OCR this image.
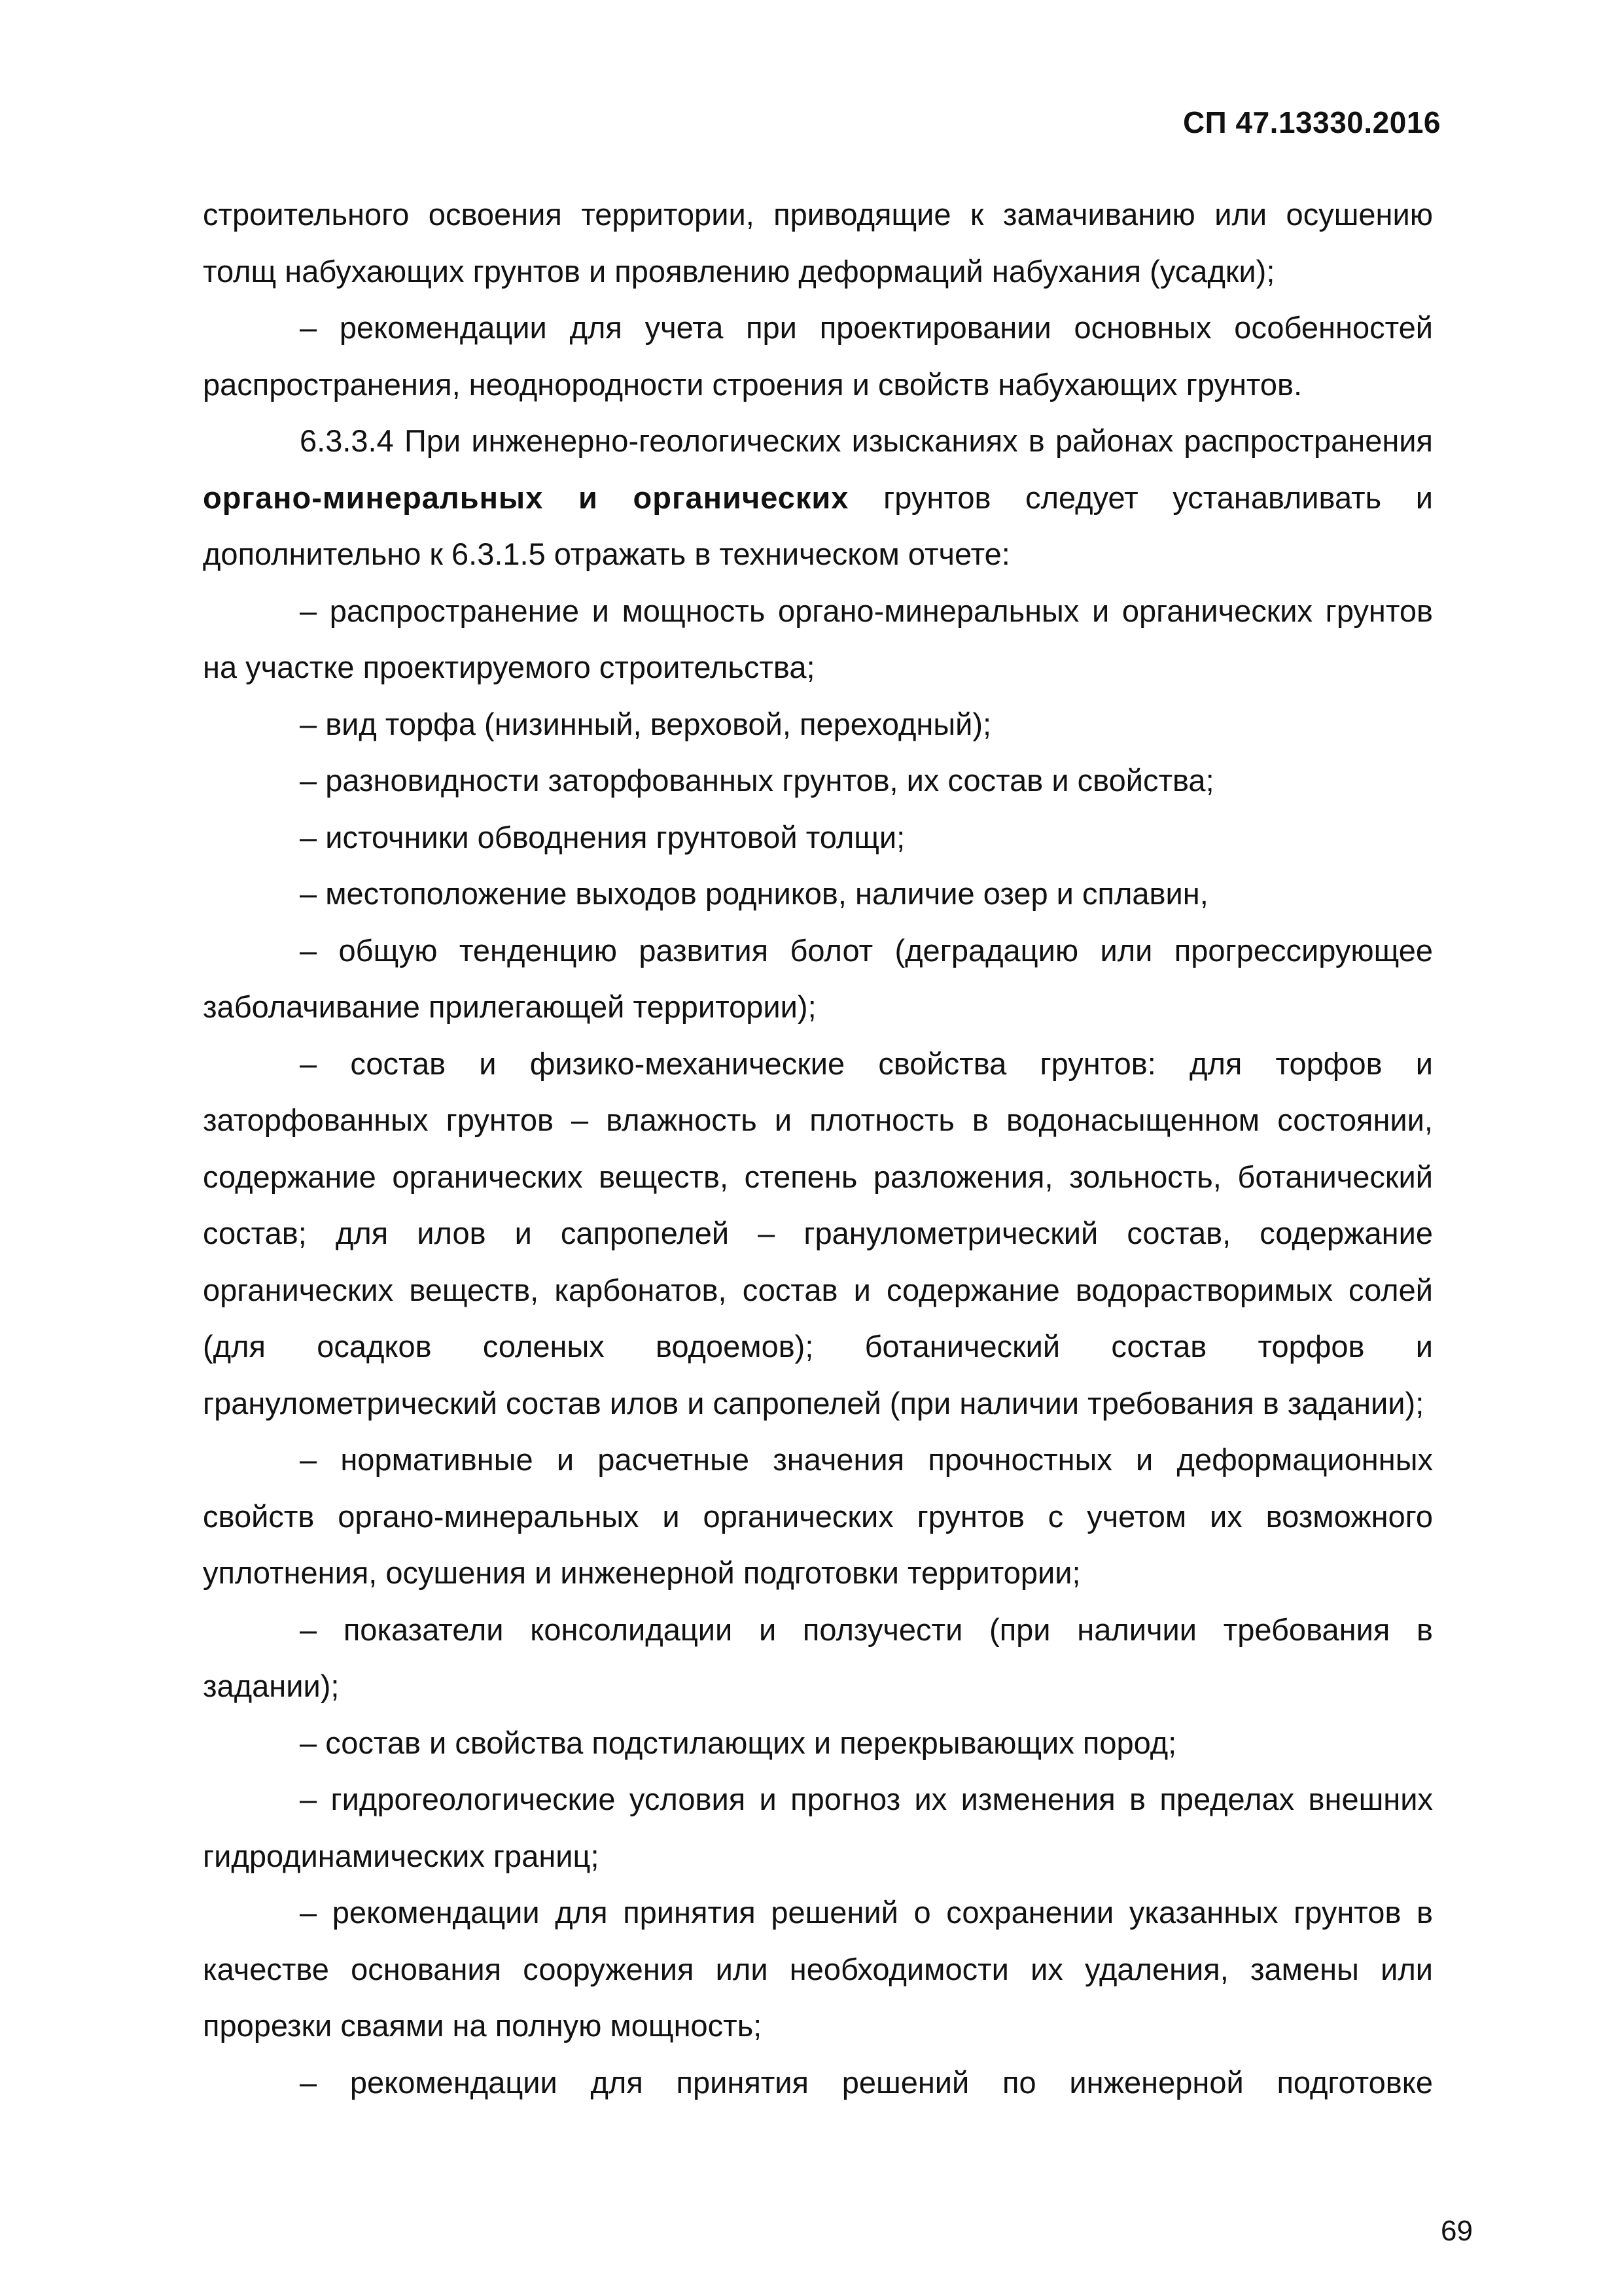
СП 47.13330.2016

строительного освоения территории, приводящие к замачиванию или осушению толщ набухающих грунтов и проявлению деформаций набухания (усадки);

– рекомендации для учета при проектировании основных особенностей распространения, неоднородности строения и свойств набухающих грунтов.

6.3.3.4 При инженерно-геологических изысканиях в районах распространения органо-минеральных и органических грунтов следует устанавливать и дополнительно к 6.3.1.5 отражать в техническом отчете:

– распространение и мощность органо-минеральных и органических грунтов на участке проектируемого строительства;

– вид торфа (низинный, верховой, переходный);

– разновидности заторфованных грунтов, их состав и свойства;

– источники обводнения грунтовой толщи;

– местоположение выходов родников, наличие озер и сплавин,

– общую тенденцию развития болот (деградацию или прогрессирующее заболачивание прилегающей территории);

– состав и физико-механические свойства грунтов: для торфов и заторфованных грунтов – влажность и плотность в водонасыщенном состоянии, содержание органических веществ, степень разложения, зольность, ботанический состав; для илов и сапропелей – гранулометрический состав, содержание органических веществ, карбонатов, состав и содержание водорастворимых солей (для осадков соленых водоемов); ботанический состав торфов и гранулометрический состав илов и сапропелей (при наличии требования в задании);

– нормативные и расчетные значения прочностных и деформационных свойств органо-минеральных и органических грунтов с учетом их возможного уплотнения, осушения и инженерной подготовки территории;

– показатели консолидации и ползучести (при наличии требования в задании);

– состав и свойства подстилающих и перекрывающих пород;

– гидрогеологические условия и прогноз их изменения в пределах внешних гидродинамических границ;

– рекомендации для принятия решений о сохранении указанных грунтов в качестве основания сооружения или необходимости их удаления, замены или прорезки сваями на полную мощность;

– рекомендации для принятия решений по инженерной подготовке

69
